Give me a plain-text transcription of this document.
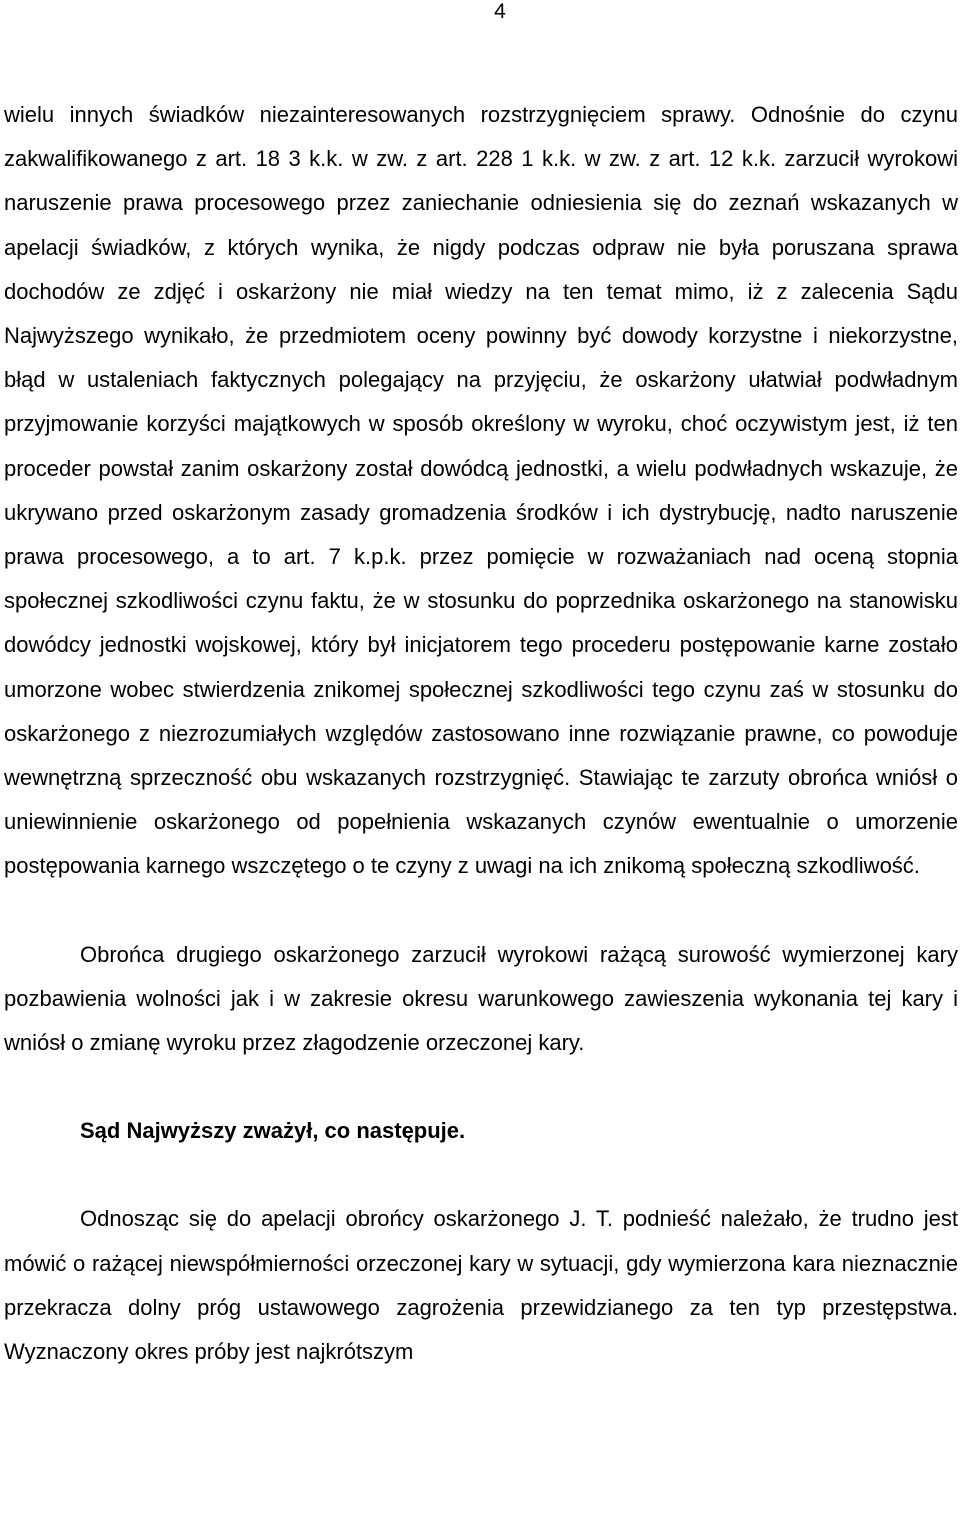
4

wielu innych świadków niezainteresowanych rozstrzygnięciem sprawy. Odnośnie do czynu zakwalifikowanego z art. 18 3 k.k. w zw. z art. 228 1 k.k. w zw. z art. 12 k.k. zarzucił wyrokowi naruszenie prawa procesowego przez zaniechanie odniesienia się do zeznań wskazanych w apelacji świadków, z których wynika, że nigdy podczas odpraw nie była poruszana sprawa dochodów ze zdjęć i oskarżony nie miał wiedzy na ten temat mimo, iż z zalecenia Sądu Najwyższego wynikało, że przedmiotem oceny powinny być dowody korzystne i niekorzystne, błąd w ustaleniach faktycznych polegający na przyjęciu, że oskarżony ułatwiał podwładnym przyjmowanie korzyści majątkowych w sposób określony w wyroku, choć oczywistym jest, iż ten proceder powstał zanim oskarżony został dowódcą jednostki, a wielu podwładnych wskazuje, że ukrywano przed oskarżonym zasady gromadzenia środków i ich dystrybucję, nadto naruszenie prawa procesowego, a to art. 7 k.p.k. przez pomięcie w rozważaniach nad oceną stopnia społecznej szkodliwości czynu faktu, że w stosunku do poprzednika oskarżonego na stanowisku dowódcy jednostki wojskowej, który był inicjatorem tego procederu postępowanie karne zostało umorzone wobec stwierdzenia znikomej społecznej szkodliwości tego czynu zaś w stosunku do oskarżonego z niezrozumiałych względów zastosowano inne rozwiązanie prawne, co powoduje wewnętrzną sprzeczność obu wskazanych rozstrzygnięć. Stawiając te zarzuty obrońca wniósł o uniewinnienie oskarżonego od popełnienia wskazanych czynów ewentualnie o umorzenie postępowania karnego wszczętego o te czyny z uwagi na ich znikomą społeczną szkodliwość.

Obrońca drugiego oskarżonego zarzucił wyrokowi rażącą surowość wymierzonej kary pozbawienia wolności jak i w zakresie okresu warunkowego zawieszenia wykonania tej kary i wniósł o zmianę wyroku przez złagodzenie orzeczonej kary.

Sąd Najwyższy zważył, co następuje.

Odnosząc się do apelacji obrońcy oskarżonego J. T. podnieść należało, że trudno jest mówić o rażącej niewspółmierności orzeczonej kary w sytuacji, gdy wymierzona kara nieznacznie przekracza dolny próg ustawowego zagrożenia przewidzianego za ten typ przestępstwa. Wyznaczony okres próby jest najkrótszym
